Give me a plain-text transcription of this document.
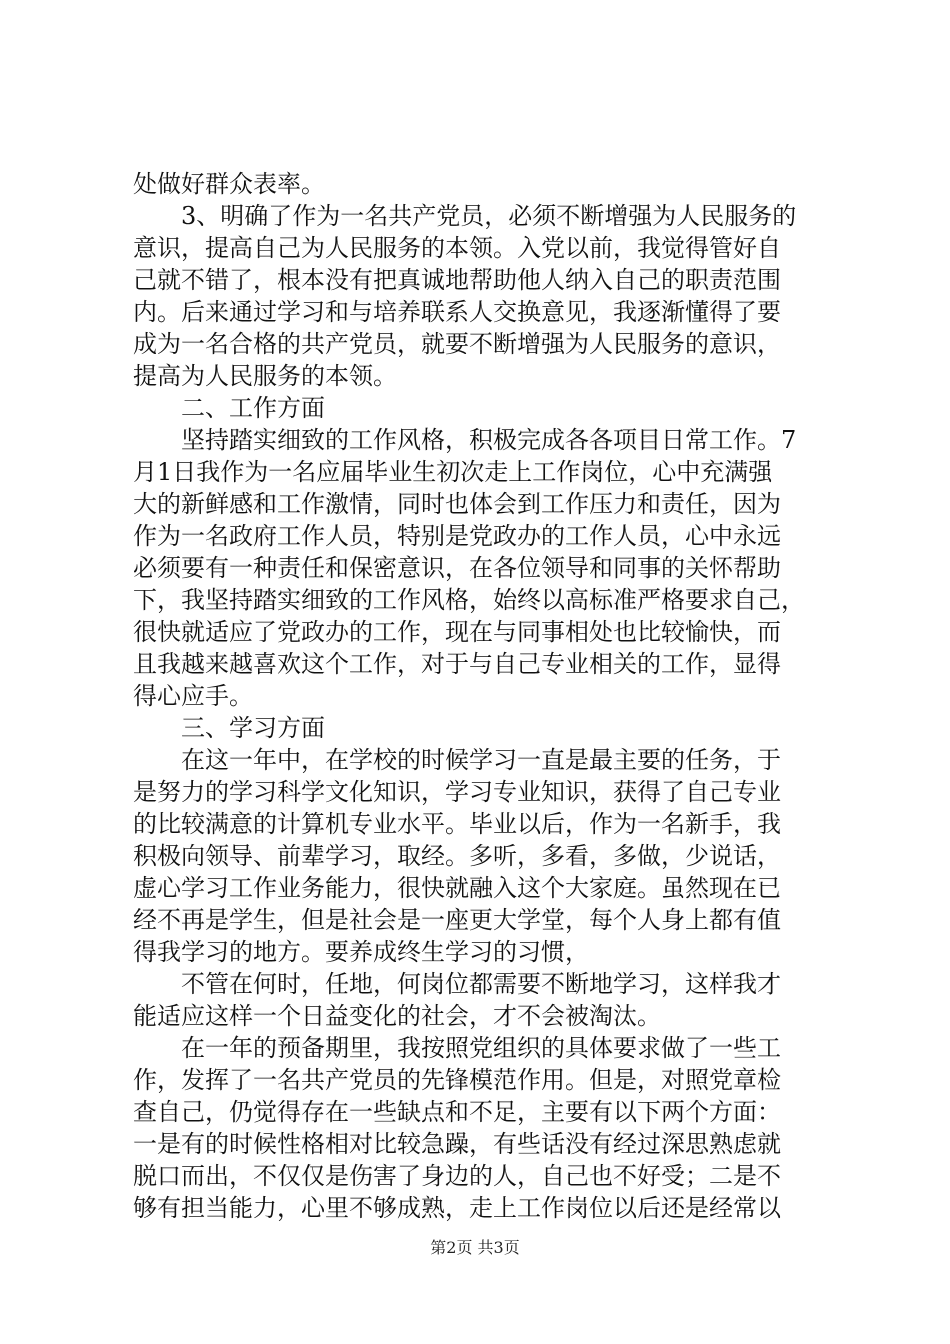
处做好群众表率。
3、明确了作为一名共产党员，必须不断增强为人民服务的
意识，提高自己为人民服务的本领。入党以前，我觉得管好自
己就不错了，根本没有把真诚地帮助他人纳入自己的职责范围
内。后来通过学习和与培养联系人交换意见，我逐渐懂得了要
成为一名合格的共产党员，就要不断增强为人民服务的意识，
提高为人民服务的本领。
二、工作方面
坚持踏实细致的工作风格，积极完成各各项目日常工作。7
月1日我作为一名应届毕业生初次走上工作岗位，心中充满强
大的新鲜感和工作激情，同时也体会到工作压力和责任，因为
作为一名政府工作人员，特别是党政办的工作人员，心中永远
必须要有一种责任和保密意识，在各位领导和同事的关怀帮助
下，我坚持踏实细致的工作风格，始终以高标准严格要求自己，
很快就适应了党政办的工作，现在与同事相处也比较愉快，而
且我越来越喜欢这个工作，对于与自己专业相关的工作，显得
得心应手。
三、学习方面
在这一年中，在学校的时候学习一直是最主要的任务，于
是努力的学习科学文化知识，学习专业知识，获得了自己专业
的比较满意的计算机专业水平。毕业以后，作为一名新手，我
积极向领导、前辈学习，取经。多听，多看，多做，少说话，
虚心学习工作业务能力，很快就融入这个大家庭。虽然现在已
经不再是学生，但是社会是一座更大学堂，每个人身上都有值
得我学习的地方。要养成终生学习的习惯，
不管在何时，任地，何岗位都需要不断地学习，这样我才
能适应这样一个日益变化的社会，才不会被淘汰。
在一年的预备期里，我按照党组织的具体要求做了一些工
作，发挥了一名共产党员的先锋模范作用。但是，对照党章检
查自己，仍觉得存在一些缺点和不足，主要有以下两个方面：
一是有的时候性格相对比较急躁，有些话没有经过深思熟虑就
脱口而出，不仅仅是伤害了身边的人，自己也不好受；二是不
够有担当能力，心里不够成熟，走上工作岗位以后还是经常以
第2页 共3页
